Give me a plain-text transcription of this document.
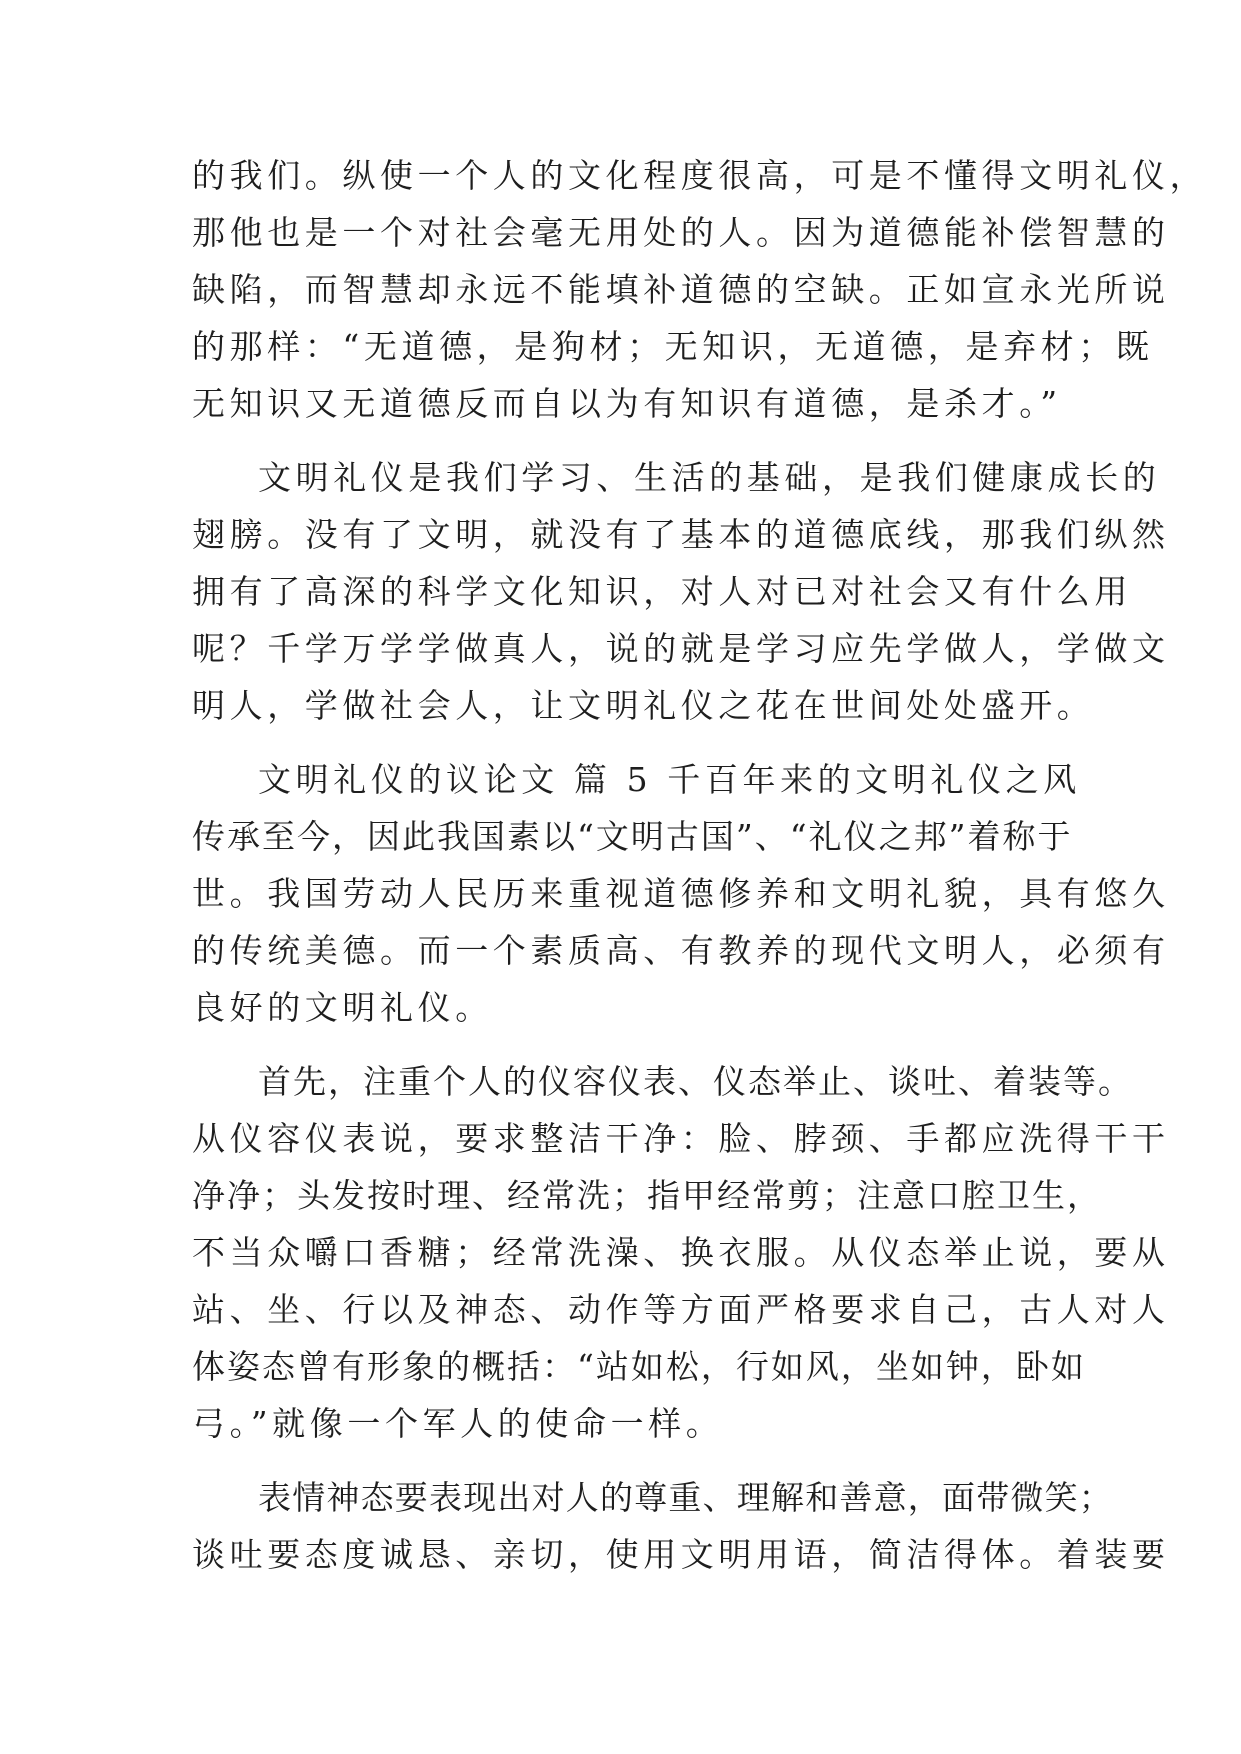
的我们。纵使一个人的文化程度很高，可是不懂得文明礼仪，
那他也是一个对社会毫无用处的人。因为道德能补偿智慧的
缺陷，而智慧却永远不能填补道德的空缺。正如宣永光所说
的那样：“无道德，是狗材；无知识，无道德，是弃材；既
无知识又无道德反而自以为有知识有道德，是杀才。”
文明礼仪是我们学习、生活的基础，是我们健康成长的
翅膀。没有了文明，就没有了基本的道德底线，那我们纵然
拥有了高深的科学文化知识，对人对已对社会又有什么用
呢？千学万学学做真人，说的就是学习应先学做人，学做文
明人，学做社会人，让文明礼仪之花在世间处处盛开。
文明礼仪的议论文 篇 5 千百年来的文明礼仪之风
传承至今，因此我国素以“文明古国”、“礼仪之邦”着称于
世。我国劳动人民历来重视道德修养和文明礼貌，具有悠久
的传统美德。而一个素质高、有教养的现代文明人，必须有
良好的文明礼仪。
首先，注重个人的仪容仪表、仪态举止、谈吐、着装等。
从仪容仪表说，要求整洁干净：脸、脖颈、手都应洗得干干
净净；头发按时理、经常洗；指甲经常剪；注意口腔卫生，
不当众嚼口香糖；经常洗澡、换衣服。从仪态举止说，要从
站、坐、行以及神态、动作等方面严格要求自己，古人对人
体姿态曾有形象的概括：“站如松，行如风，坐如钟，卧如
弓。”就像一个军人的使命一样。
表情神态要表现出对人的尊重、理解和善意，面带微笑；
谈吐要态度诚恳、亲切，使用文明用语，简洁得体。着装要
